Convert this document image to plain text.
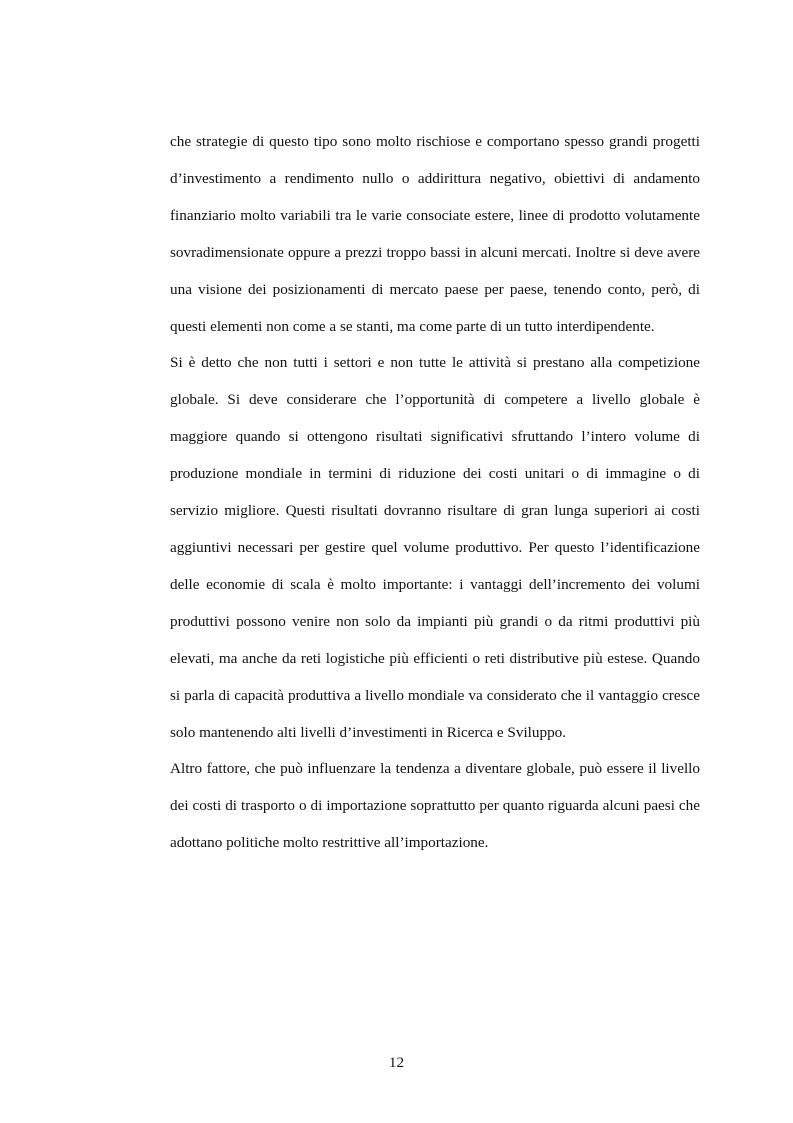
che strategie di questo tipo sono molto rischiose e comportano spesso grandi progetti d’investimento a rendimento nullo o addirittura negativo, obiettivi di andamento finanziario molto variabili tra le varie consociate estere, linee di prodotto volutamente sovradimensionate oppure a prezzi troppo bassi in alcuni mercati. Inoltre si deve avere una visione dei posizionamenti di mercato paese per paese, tenendo conto, però, di questi elementi non come a se stanti, ma come parte di un tutto interdipendente.

Si è detto che non tutti i settori e non tutte le attività si prestano alla competizione globale. Si deve considerare che l’opportunità di competere a livello globale è maggiore quando si ottengono risultati significativi sfruttando l’intero volume di produzione mondiale in termini di riduzione dei costi unitari o di immagine o di servizio migliore. Questi risultati dovranno risultare di gran lunga superiori ai costi aggiuntivi necessari per gestire quel volume produttivo. Per questo l’identificazione delle economie di scala è molto importante: i vantaggi dell’incremento dei volumi produttivi possono venire non solo da impianti più grandi o da ritmi produttivi più elevati, ma anche da reti logistiche più efficienti o reti distributive più estese. Quando si parla di capacità produttiva a livello mondiale va considerato che il vantaggio cresce solo mantenendo alti livelli d’investimenti in Ricerca e Sviluppo.

Altro fattore, che può influenzare la tendenza a diventare globale, può essere il livello dei costi di trasporto o di importazione soprattutto per quanto riguarda alcuni paesi che adottano politiche molto restrittive all’importazione.

12
